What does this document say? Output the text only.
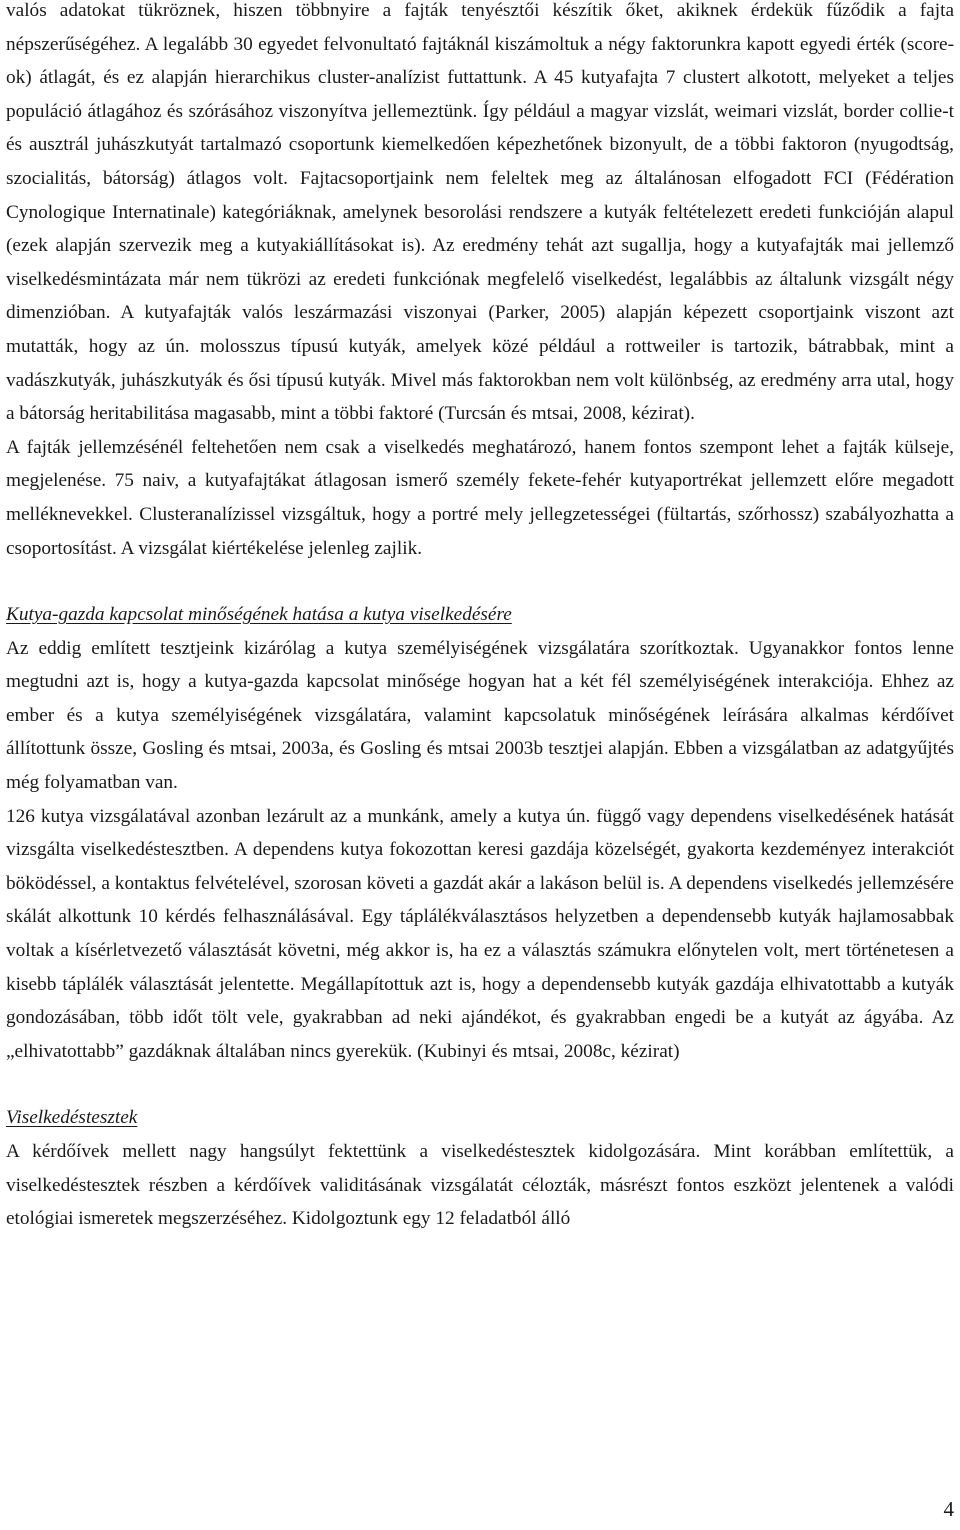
valós adatokat tükröznek, hiszen többnyire a fajták tenyésztői készítik őket, akiknek érdekük fűződik a fajta népszerűségéhez. A legalább 30 egyedet felvonultató fajtáknál kiszámoltuk a négy faktorunkra kapott egyedi érték (score-ok) átlagát, és ez alapján hierarchikus cluster-analízist futtattunk. A 45 kutyafajta 7 clustert alkotott, melyeket a teljes populáció átlagához és szórásához viszonyítva jellemeztünk. Így például a magyar vizslát, weimari vizslát, border collie-t és ausztrál juhászkutyát tartalmazó csoportunk kiemelkedően képezhetőnek bizonyult, de a többi faktoron (nyugodtság, szocialitás, bátorság) átlagos volt. Fajtacsoportjaink nem feleltek meg az általánosan elfogadott FCI (Fédération Cynologique Internatinale) kategóriáknak, amelynek besorolási rendszere a kutyák feltételezett eredeti funkcióján alapul (ezek alapján szervezik meg a kutyakiállításokat is). Az eredmény tehát azt sugallja, hogy a kutyafajták mai jellemző viselkedésmintázata már nem tükrözi az eredeti funkciónak megfelelő viselkedést, legalábbis az általunk vizsgált négy dimenzióban. A kutyafajták valós leszármazási viszonyai (Parker, 2005) alapján képezett csoportjaink viszont azt mutatták, hogy az ún. molosszus típusú kutyák, amelyek közé például a rottweiler is tartozik, bátrabbak, mint a vadászkutyák, juhászkutyák és ősi típusú kutyák. Mivel más faktorokban nem volt különbség, az eredmény arra utal, hogy a bátorság heritabilitása magasabb, mint a többi faktoré (Turcsán és mtsai, 2008, kézirat).

A fajták jellemzésénél feltehetően nem csak a viselkedés meghatározó, hanem fontos szempont lehet a fajták külseje, megjelenése. 75 naiv, a kutyafajtákat átlagosan ismerő személy fekete-fehér kutyaportrékat jellemzett előre megadott melléknevekkel. Clusteranalízissel vizsgáltuk, hogy a portré mely jellegzetességei (fültartás, szőrhossz) szabályozhatta a csoportosítást. A vizsgálat kiértékelése jelenleg zajlik.

Kutya-gazda kapcsolat minőségének hatása a kutya viselkedésére

Az eddig említett tesztjeink kizárólag a kutya személyiségének vizsgálatára szorítkoztak. Ugyanakkor fontos lenne megtudni azt is, hogy a kutya-gazda kapcsolat minősége hogyan hat a két fél személyiségének interakciója. Ehhez az ember és a kutya személyiségének vizsgálatára, valamint kapcsolatuk minőségének leírására alkalmas kérdőívet állítottunk össze, Gosling és mtsai, 2003a, és Gosling és mtsai 2003b tesztjei alapján. Ebben a vizsgálatban az adatgyűjtés még folyamatban van.

126 kutya vizsgálatával azonban lezárult az a munkánk, amely a kutya ún. függő vagy dependens viselkedésének hatását vizsgálta viselkedéstesztben. A dependens kutya fokozottan keresi gazdája közelségét, gyakorta kezdeményez interakciót böködéssel, a kontaktus felvételével, szorosan követi a gazdát akár a lakáson belül is. A dependens viselkedés jellemzésére skálát alkottunk 10 kérdés felhasználásával. Egy táplálékválasztásos helyzetben a dependensebb kutyák hajlamosabbak voltak a kísérletvezető választását követni, még akkor is, ha ez a választás számukra előnytelen volt, mert történetesen a kisebb táplálék választását jelentette. Megállapítottuk azt is, hogy a dependensebb kutyák gazdája elhivatottabb a kutyák gondozásában, több időt tölt vele, gyakrabban ad neki ajándékot, és gyakrabban engedi be a kutyát az ágyába. Az „elhivatottabb” gazdáknak általában nincs gyerekük. (Kubinyi és mtsai, 2008c, kézirat)

Viselkedéstesztek

A kérdőívek mellett nagy hangsúlyt fektettünk a viselkedéstesztek kidolgozására. Mint korábban említettük, a viselkedéstesztek részben a kérdőívek validitásának vizsgálatát célozták, másrészt fontos eszközt jelentenek a valódi etológiai ismeretek megszerzéséhez. Kidolgoztunk egy 12 feladatból álló

4
